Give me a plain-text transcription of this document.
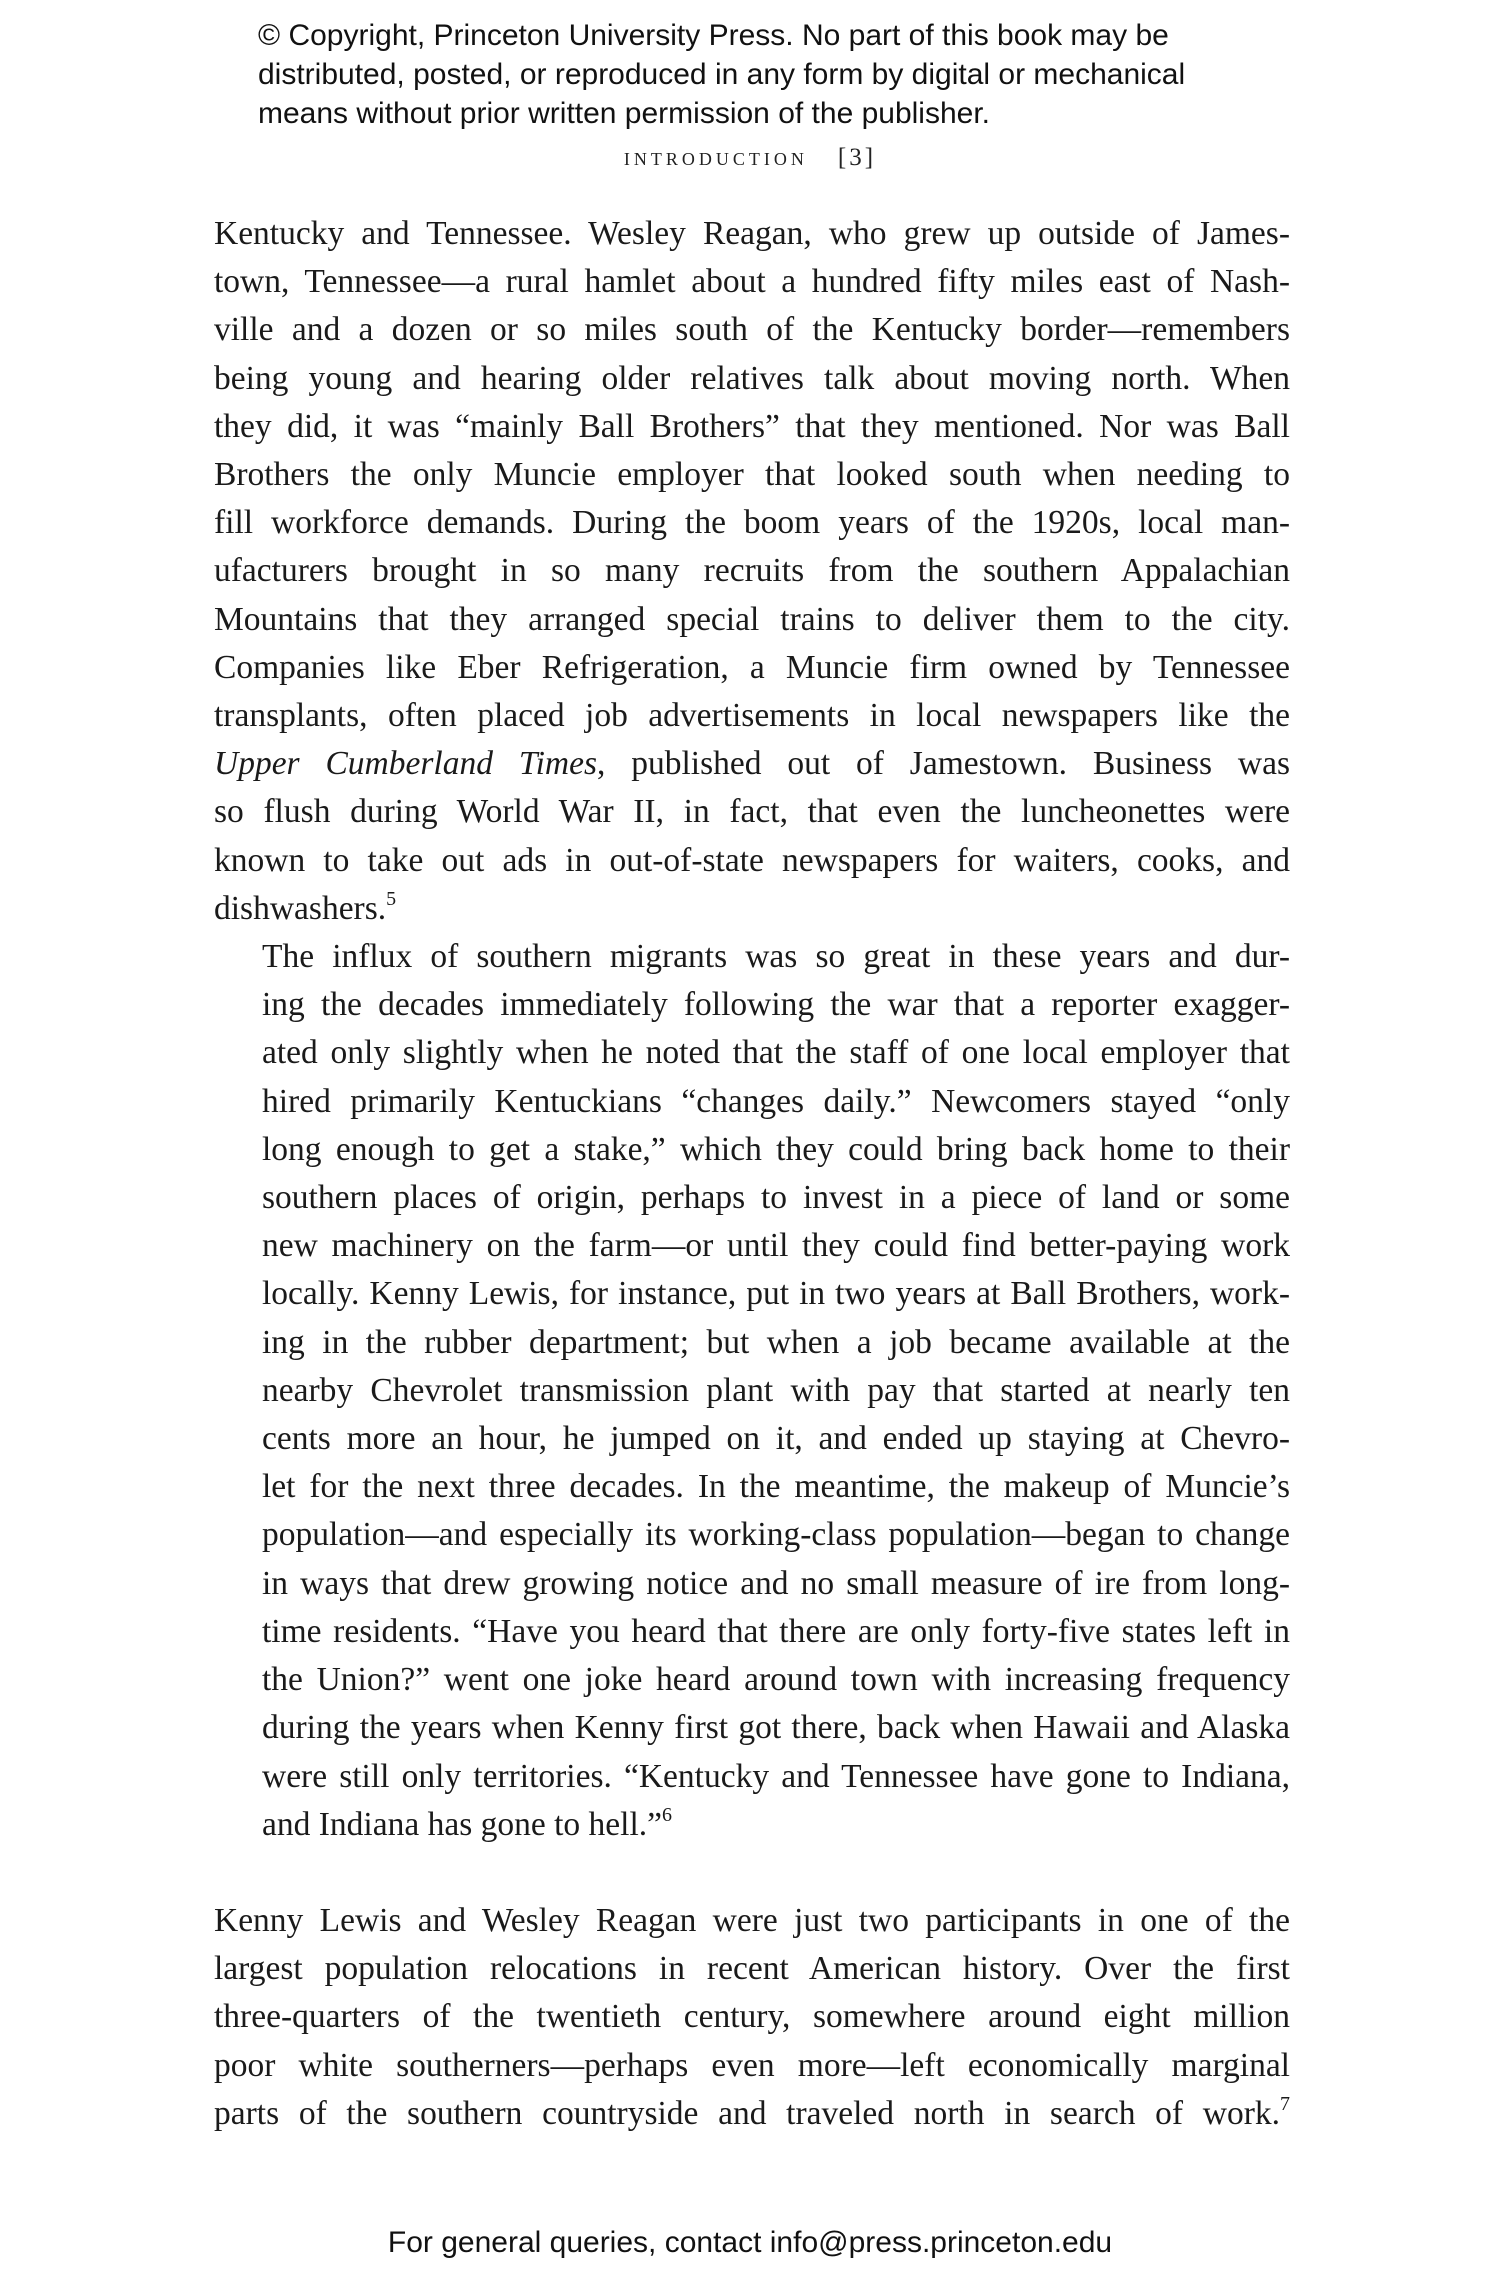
© Copyright, Princeton University Press. No part of this book may be
distributed, posted, or reproduced in any form by digital or mechanical
means without prior written permission of the publisher.
introduction [3]

Kentucky and Tennessee. Wesley Reagan, who grew up outside of James-
town, Tennessee—a rural hamlet about a hundred fifty miles east of Nash-
ville and a dozen or so miles south of the Kentucky border—remembers
being young and hearing older relatives talk about moving north. When
they did, it was “mainly Ball Brothers” that they mentioned. Nor was Ball
Brothers the only Muncie employer that looked south when needing to
fill workforce demands. During the boom years of the 1920s, local man-
ufacturers brought in so many recruits from the southern Appalachian
Mountains that they arranged special trains to deliver them to the city.
Companies like Eber Refrigeration, a Muncie firm owned by Tennessee
transplants, often placed job advertisements in local newspapers like the
Upper Cumberland Times, published out of Jamestown. Business was
so flush during World War II, in fact, that even the luncheonettes were
known to take out ads in out-of-state newspapers for waiters, cooks, and
dishwashers.$^5$

The influx of southern migrants was so great in these years and dur-
ing the decades immediately following the war that a reporter exagger-
ated only slightly when he noted that the staff of one local employer that
hired primarily Kentuckians “changes daily.” Newcomers stayed “only
long enough to get a stake,” which they could bring back home to their
southern places of origin, perhaps to invest in a piece of land or some
new machinery on the farm—or until they could find better-paying work
locally. Kenny Lewis, for instance, put in two years at Ball Brothers, work-
ing in the rubber department; but when a job became available at the
nearby Chevrolet transmission plant with pay that started at nearly ten
cents more an hour, he jumped on it, and ended up staying at Chevro-
let for the next three decades. In the meantime, the makeup of Muncie’s
population—and especially its working-class population—began to change
in ways that drew growing notice and no small measure of ire from long-
time residents. “Have you heard that there are only forty-five states left in
the Union?” went one joke heard around town with increasing frequency
during the years when Kenny first got there, back when Hawaii and Alaska
were still only territories. “Kentucky and Tennessee have gone to Indiana,
and Indiana has gone to hell.”$^6$

Kenny Lewis and Wesley Reagan were just two participants in one of the
largest population relocations in recent American history. Over the first
three-quarters of the twentieth century, somewhere around eight million
poor white southerners—perhaps even more—left economically marginal
parts of the southern countryside and traveled north in search of work.$^7$

For general queries, contact info@press.princeton.edu
